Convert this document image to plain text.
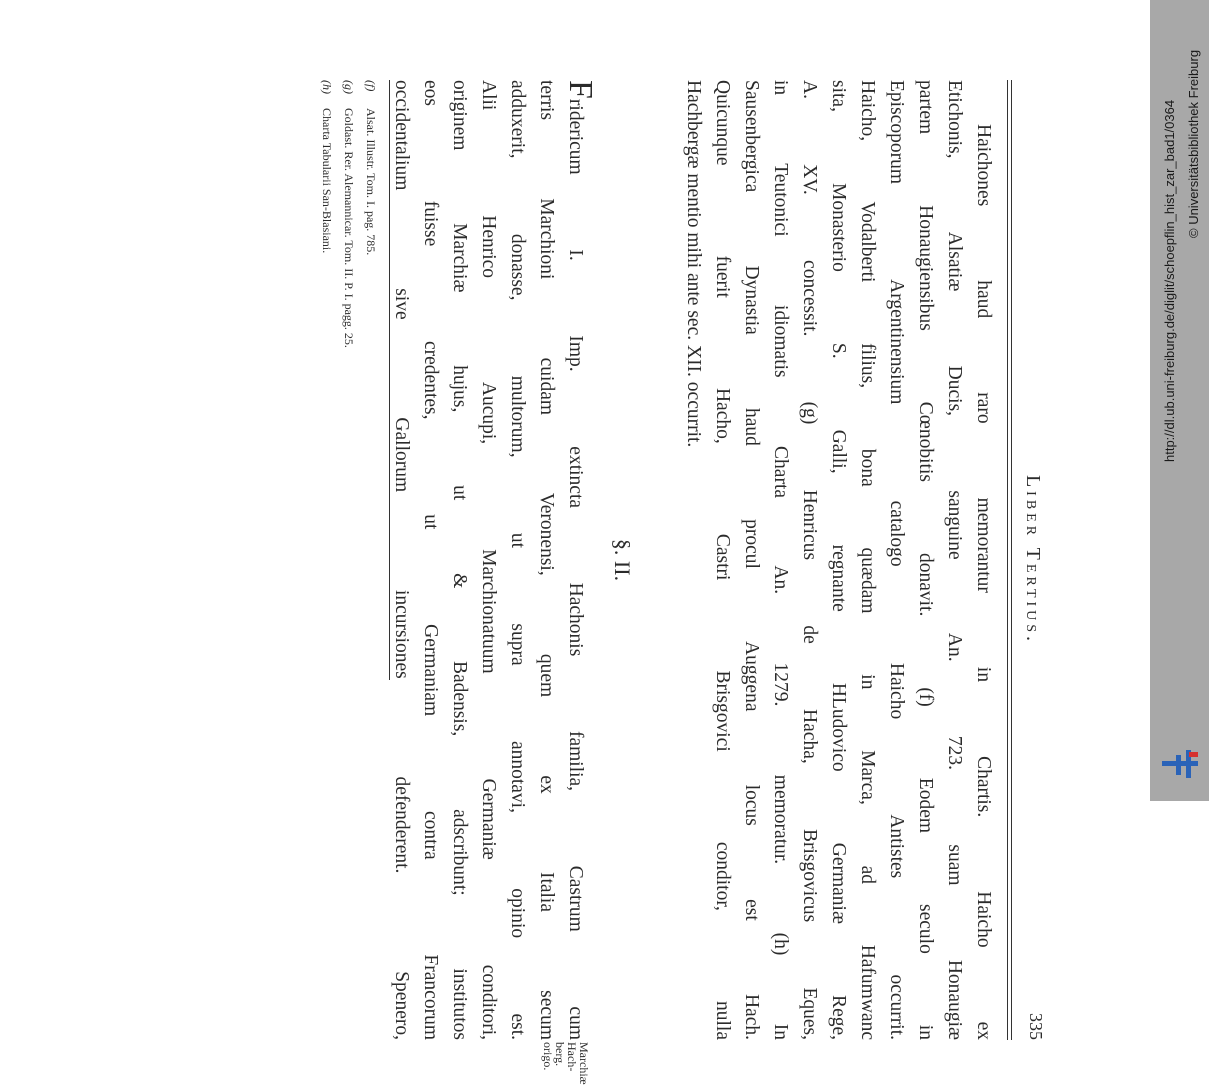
Liber Tertius.
335
Haichones haud raro memorantur in Chartis. Haicho ex
Etichonis, Alsatiæ Ducis, sanguine An. 723. suam Honaugiæ
partem Honaugiensibus Cœnobitis donavit. (f) Eodem seculo in
Episcoporum Argentinensium catalogo Haicho Antistes occurrit.
Haicho, Vodalberti filius, bona quædam in Marca, ad Hafumwanc
sita, Monasterio S. Galli, regnante HLudovico Germaniæ Rege,
A. XV. concessit. (g) Henricus de Hacha, Brisgovicus Eques,
in Teutonici idiomatis Charta An. 1279. memoratur. (h) In
Sausenbergica Dynastia haud procul Auggena locus est Hach.
Quicunque fuerit Hacho, Castri Brisgovici conditor, nulla
Hachbergæ mentio mihi ante sec. XII. occurrit.
§. II.
Marchiæ
Hach-
berg.
origo.
Fridericum I. Imp. extincta Hachonis familia, Castrum cum
terris Marchioni cuidam Veronensi, quem ex Italia secum
adduxerit, donasse, multorum, ut supra annotavi, opinio est.
Alii Henrico Aucupi, Marchionatuum Germaniæ conditori,
originem Marchiæ hujus, ut & Badensis, adscribunt; institutos
eos fuisse credentes, ut Germaniam contra Francorum
occidentalium sive Gallorum incursiones defenderent. Spenero,
(f)Alsat. Illustr. Tom. I. pag. 785.
(g)Goldast. Rer. Alemannicar. Tom. II. P. I. pagg. 25.
(h)Charta Tabularii San-Blasiani.	http://dl.ub.uni-freiburg.de/diglit/schoepflin_hist_zar_bad1/0364 © Universitätsbibliothek Freiburg
